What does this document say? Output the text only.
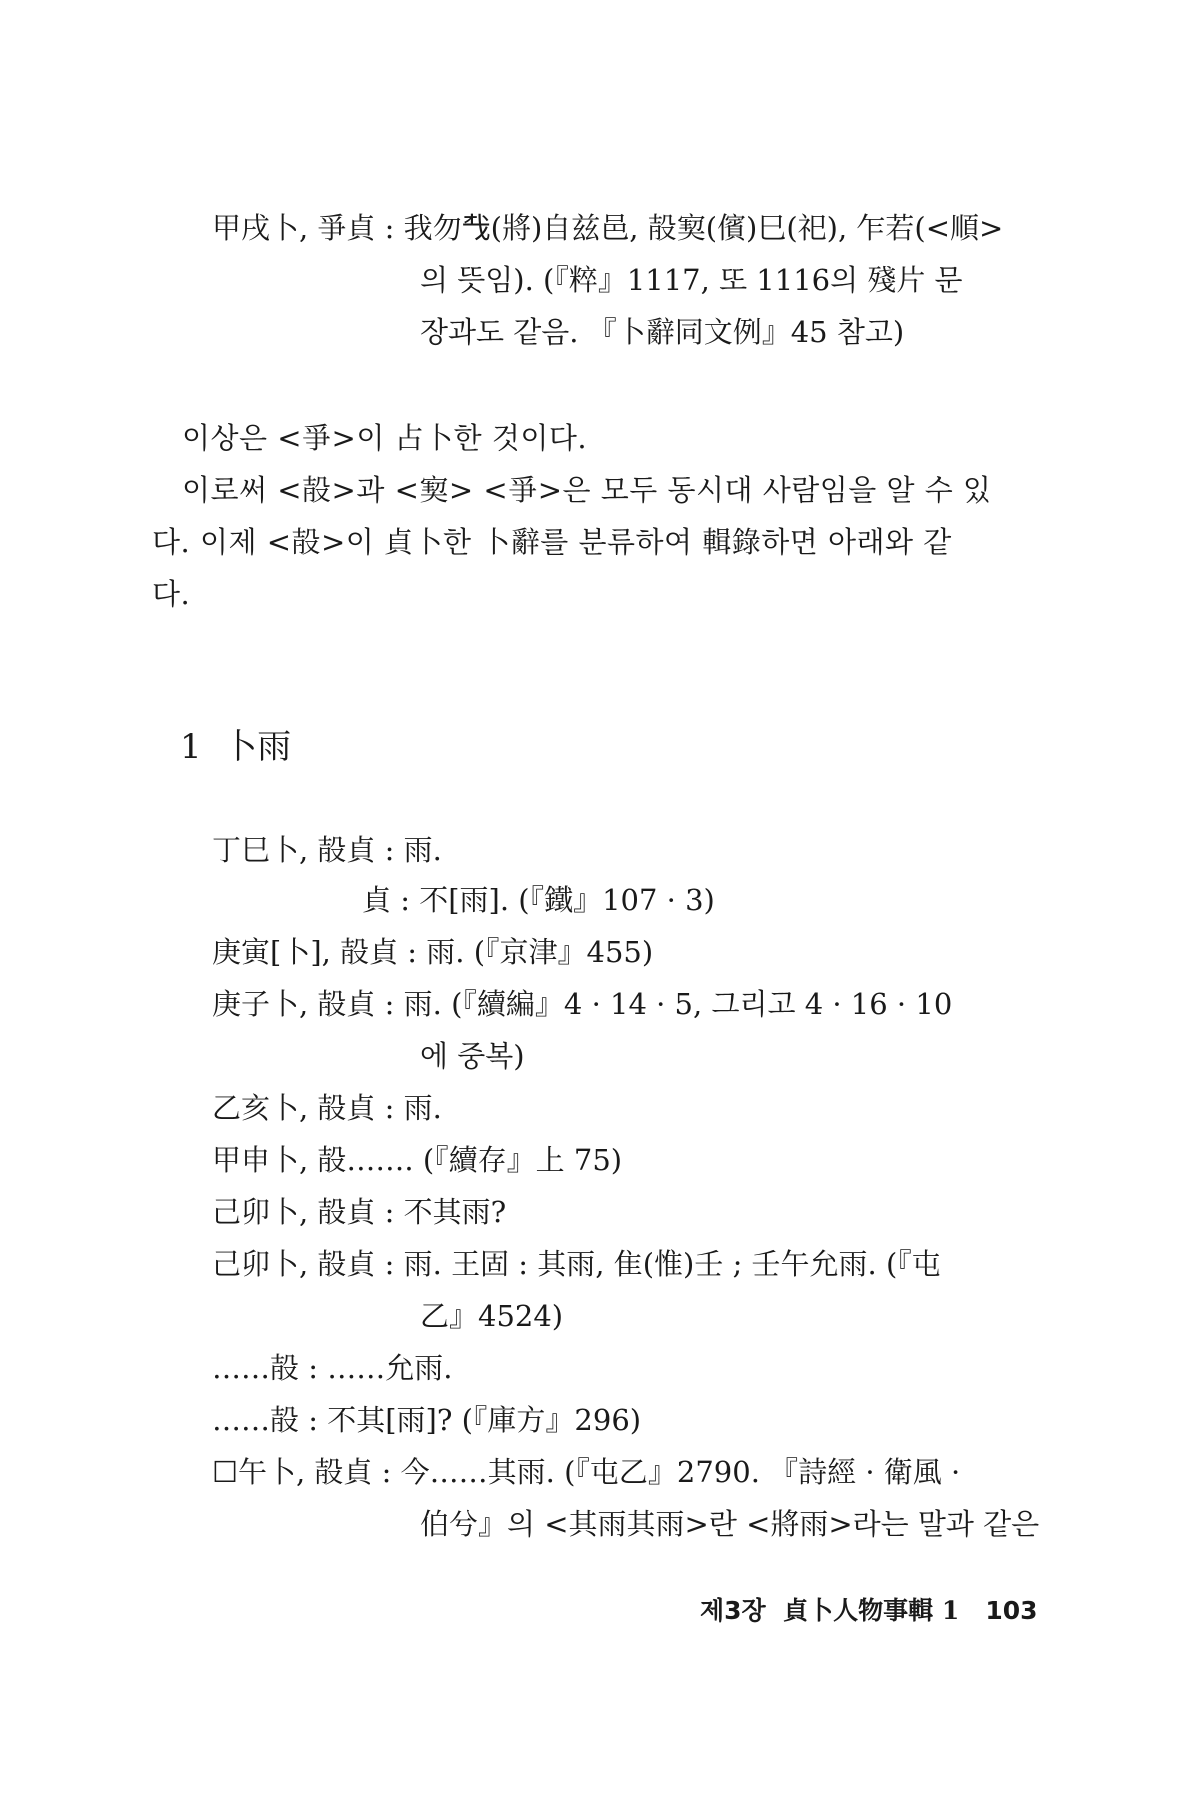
甲戌卜, 爭貞 : 我勿𢦔(將)自兹邑, 㱿㝣(儐)巳(祀), 乍若(<順>
의 뜻임). (『粹』1117, 또 1116의 殘片 문
장과도 같음. 『卜辭同文例』45 참고)
이상은 <爭>이 占卜한 것이다.
이로써 <㱿>과 <㝣> <爭>은 모두 동시대 사람임을 알 수 있
다. 이제 <㱿>이 貞卜한 卜辭를 분류하여 輯錄하면 아래와 같
다.
1 卜雨
丁巳卜, 㱿貞 : 雨.
貞 : 不[雨]. (『鐵』107 · 3)
庚寅[卜], 㱿貞 : 雨. (『京津』455)
庚子卜, 㱿貞 : 雨. (『續編』4 · 14 · 5, 그리고 4 · 16 · 10
에 중복)
乙亥卜, 㱿貞 : 雨.
甲申卜, 㱿……. (『續存』上 75)
己卯卜, 㱿貞 : 不其雨?
己卯卜, 㱿貞 : 雨. 王固 : 其雨, 隹(惟)壬 ; 壬午允雨. (『屯
乙』4524)
……㱿 : ……允雨.
……㱿 : 不其[雨]? (『庫方』296)
☐午卜, 㱿貞 : 今……其雨. (『屯乙』2790. 『詩經 · 衛風 ·
伯兮』의 <其雨其雨>란 <將雨>라는 말과 같은
제3장 貞卜人物事輯 1 103
